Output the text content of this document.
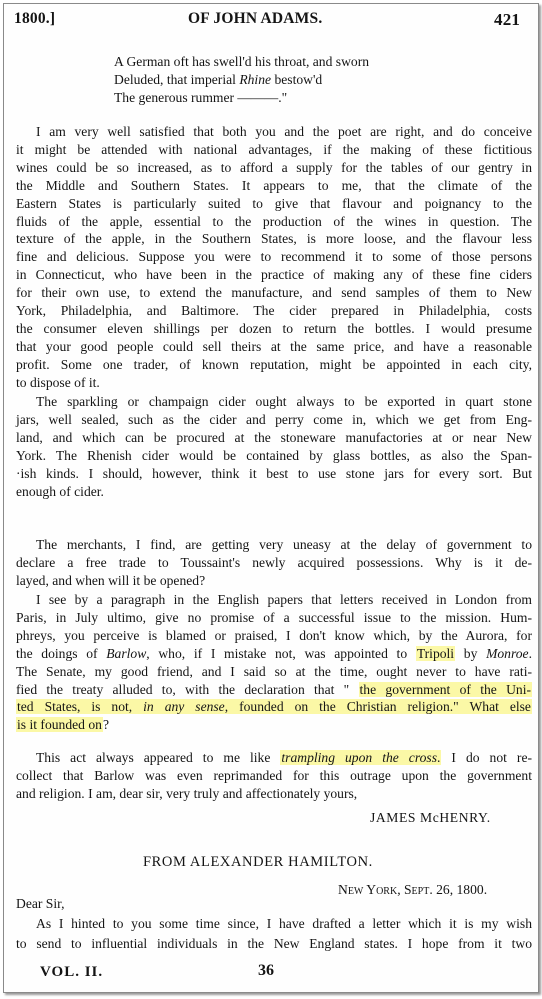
1800.]	OF JOHN ADAMS.	421
A German oft has swell'd his throat, and sworn
Deluded, that imperial Rhine bestow'd
The generous rummer ———."
I am very well satisfied that both you and the poet are right, and do conceive
it might be attended with national advantages, if the making of these fictitious
wines could be so increased, as to afford a supply for the tables of our gentry in
the Middle and Southern States. It appears to me, that the climate of the
Eastern States is particularly suited to give that flavour and poignancy to the
fluids of the apple, essential to the production of the wines in question. The
texture of the apple, in the Southern States, is more loose, and the flavour less
fine and delicious. Suppose you were to recommend it to some of those persons
in Connecticut, who have been in the practice of making any of these fine ciders
for their own use, to extend the manufacture, and send samples of them to New
York, Philadelphia, and Baltimore. The cider prepared in Philadelphia, costs
the consumer eleven shillings per dozen to return the bottles. I would presume
that your good people could sell theirs at the same price, and have a reasonable
profit. Some one trader, of known reputation, might be appointed in each city,
to dispose of it.
The sparkling or champaign cider ought always to be exported in quart stone
jars, well sealed, such as the cider and perry come in, which we get from Eng-
land, and which can be procured at the stoneware manufactories at or near New
York. The Rhenish cider would be contained by glass bottles, as also the Span-
·ish kinds. I should, however, think it best to use stone jars for every sort. But
enough of cider.
The merchants, I find, are getting very uneasy at the delay of government to
declare a free trade to Toussaint's newly acquired possessions. Why is it de-
layed, and when will it be opened?
I see by a paragraph in the English papers that letters received in London from
Paris, in July ultimo, give no promise of a successful issue to the mission. Hum-
phreys, you perceive is blamed or praised, I don't know which, by the Aurora, for
the doings of Barlow, who, if I mistake not, was appointed to Tripoli by Monroe.
The Senate, my good friend, and I said so at the time, ought never to have rati-
fied the treaty alluded to, with the declaration that " the government of the Uni-
ted States, is not, in any sense, founded on the Christian religion." What else
is it founded on?
This act always appeared to me like trampling upon the cross. I do not re-
collect that Barlow was even reprimanded for this outrage upon the government
and religion. I am, dear sir, very truly and affectionately yours,
JAMES McHENRY.
FROM ALEXANDER HAMILTON.
New York, Sept. 26, 1800.
Dear Sir,
As I hinted to you some time since, I have drafted a letter which it is my wish
to send to influential individuals in the New England states. I hope from it two
VOL. II.	36
